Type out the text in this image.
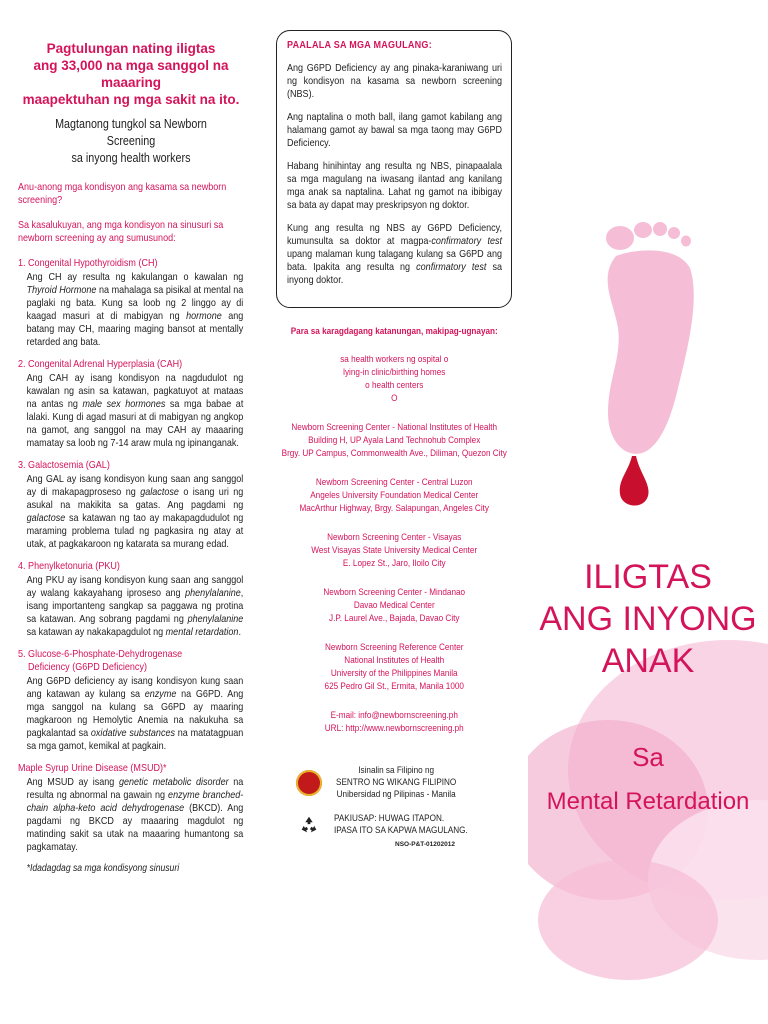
Pagtulungan nating iligtas
ang 33,000 na mga sanggol na maaaring
maapektuhan ng mga sakit na ito.

Magtanong tungkol sa Newborn Screening
sa inyong health workers

Anu-anong mga kondisyon ang kasama sa newborn screening?

Sa kasalukuyan, ang mga kondisyon na sinusuri sa newborn screening ay ang sumusunod:

1. Congenital Hypothyroidism (CH)

Ang CH ay resulta ng kakulangan o kawalan ng Thyroid Hormone na mahalaga sa pisikal at mental na paglaki ng bata. Kung sa loob ng 2 linggo ay di kaagad masuri at di mabigyan ng hormone ang batang may CH, maaring maging bansot at mentally retarded ang bata.

2. Congenital Adrenal Hyperplasia (CAH)

Ang CAH ay isang kondisyon na nagdudulot ng kawalan ng asin sa katawan, pagkatuyot at mataas na antas ng male sex hormones sa mga babae at lalaki. Kung di agad masuri at di mabigyan ng angkop na gamot, ang sanggol na may CAH ay maaaring mamatay sa loob ng 7-14 araw mula ng ipinanganak.

3. Galactosemia (GAL)

Ang GAL ay isang kondisyon kung saan ang sanggol ay di makapagproseso ng galactose o isang uri ng asukal na makikita sa gatas. Ang pagdami ng galactose sa katawan ng tao ay makapagdudulot ng maraming problema tulad ng pagkasira ng atay at utak, at pagkakaroon ng katarata sa murang edad.

4. Phenylketonuria (PKU)

Ang PKU ay isang kondisyon kung saan ang sanggol ay walang kakayahang iproseso ang phenylalanine, isang importanteng sangkap sa paggawa ng protina sa katawan. Ang sobrang pagdami ng phenylalanine sa katawan ay nakakapagdulot ng mental retardation.

5. Glucose-6-Phosphate-Dehydrogenase
Deficiency (G6PD Deficiency)

Ang G6PD deficiency ay isang kondisyon kung saan ang katawan ay kulang sa enzyme na G6PD. Ang mga sanggol na kulang sa G6PD ay maaring magkaroon ng Hemolytic Anemia na nakukuha sa pagkalantad sa oxidative substances na matatagpuan sa mga gamot, kemikal at pagkain.

Maple Syrup Urine Disease (MSUD)*

Ang MSUD ay isang genetic metabolic disorder na resulta ng abnormal na gawain ng enzyme branched-chain alpha-keto acid dehydrogenase (BKCD). Ang pagdami ng BKCD ay maaaring magdulot ng matinding sakit sa utak na maaaring humantong sa pagkamatay.

*Idadagdag sa mga kondisyong sinusuri

PAALALA SA MGA MAGULANG:

Ang G6PD Deficiency ay ang pinaka-karaniwang uri ng kondisyon na kasama sa newborn screening (NBS).

Ang naptalina o moth ball, ilang gamot kabilang ang halamang gamot ay bawal sa mga taong may G6PD Deficiency.

Habang hinihintay ang resulta ng NBS, pinapaalala sa mga magulang na iwasang ilantad ang kanilang mga anak sa naptalina. Lahat ng gamot na ibibigay sa bata ay dapat may preskripsyon ng doktor.

Kung ang resulta ng NBS ay G6PD Deficiency, kumunsulta sa doktor at magpa-confirmatory test upang malaman kung talagang kulang sa G6PD ang bata. Ipakita ang resulta ng confirmatory test sa inyong doktor.

Para sa karagdagang katanungan, makipag-ugnayan:

sa health workers ng ospital o
lying-in clinic/birthing homes
o health centers
O
Newborn Screening Center - National Institutes of Health
Building H, UP Ayala Land Technohub Complex
Brgy. UP Campus, Commonwealth Ave., Diliman, Quezon City
Newborn Screening Center - Central Luzon
Angeles University Foundation Medical Center
MacArthur Highway, Brgy. Salapungan, Angeles City
Newborn Screening Center - Visayas
West Visayas State University Medical Center
E. Lopez St., Jaro, Iloilo City
Newborn Screening Center - Mindanao
Davao Medical Center
J.P. Laurel Ave., Bajada, Davao City
Newborn Screening Reference Center
National Institutes of Health
University of the Philippines Manila
625 Pedro Gil St., Ermita, Manila 1000
E-mail: info@newbornscreening.ph
URL: http://www.newbornscreening.ph
Isinalin sa Filipino ng
SENTRO NG WIKANG FILIPINO
Unibersidad ng Pilipinas - Manila
PAKIUSAP: HUWAG ITAPON.
IPASA ITO SA KAPWA MAGULANG.
NSO-P&T-01202012

ILIGTAS
ANG INYONG
ANAK

Sa
Mental Retardation
